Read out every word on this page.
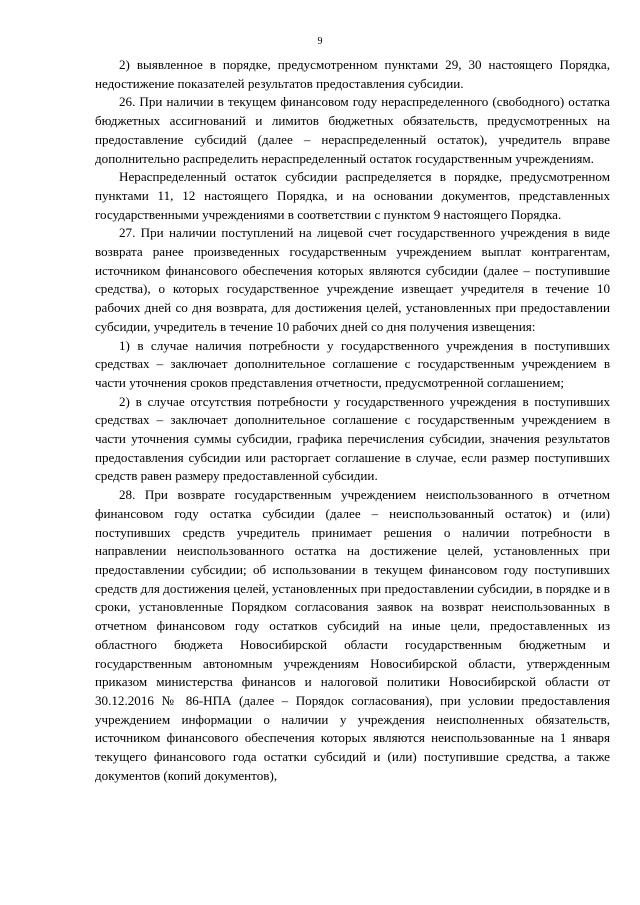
9

2) выявленное в порядке, предусмотренном пунктами 29, 30 настоящего Порядка, недостижение показателей результатов предоставления субсидии.

26. При наличии в текущем финансовом году нераспределенного (свободного) остатка бюджетных ассигнований и лимитов бюджетных обязательств, предусмотренных на предоставление субсидий (далее – нераспределенный остаток), учредитель вправе дополнительно распределить нераспределенный остаток государственным учреждениям.

Нераспределенный остаток субсидии распределяется в порядке, предусмотренном пунктами 11, 12 настоящего Порядка, и на основании документов, представленных государственными учреждениями в соответствии с пунктом 9 настоящего Порядка.

27. При наличии поступлений на лицевой счет государственного учреждения в виде возврата ранее произведенных государственным учреждением выплат контрагентам, источником финансового обеспечения которых являются субсидии (далее – поступившие средства), о которых государственное учреждение извещает учредителя в течение 10 рабочих дней со дня возврата, для достижения целей, установленных при предоставлении субсидии, учредитель в течение 10 рабочих дней со дня получения извещения:

1) в случае наличия потребности у государственного учреждения в поступивших средствах – заключает дополнительное соглашение с государственным учреждением в части уточнения сроков представления отчетности, предусмотренной соглашением;

2) в случае отсутствия потребности у государственного учреждения в поступивших средствах – заключает дополнительное соглашение с государственным учреждением в части уточнения суммы субсидии, графика перечисления субсидии, значения результатов предоставления субсидии или расторгает соглашение в случае, если размер поступивших средств равен размеру предоставленной субсидии.

28. При возврате государственным учреждением неиспользованного в отчетном финансовом году остатка субсидии (далее – неиспользованный остаток) и (или) поступивших средств учредитель принимает решения о наличии потребности в направлении неиспользованного остатка на достижение целей, установленных при предоставлении субсидии; об использовании в текущем финансовом году поступивших средств для достижения целей, установленных при предоставлении субсидии, в порядке и в сроки, установленные Порядком согласования заявок на возврат неиспользованных в отчетном финансовом году остатков субсидий на иные цели, предоставленных из областного бюджета Новосибирской области государственным бюджетным и государственным автономным учреждениям Новосибирской области, утвержденным приказом министерства финансов и налоговой политики Новосибирской области от 30.12.2016 № 86-НПА (далее – Порядок согласования), при условии предоставления учреждением информации о наличии у учреждения неисполненных обязательств, источником финансового обеспечения которых являются неиспользованные на 1 января текущего финансового года остатки субсидий и (или) поступившие средства, а также документов (копий документов),
